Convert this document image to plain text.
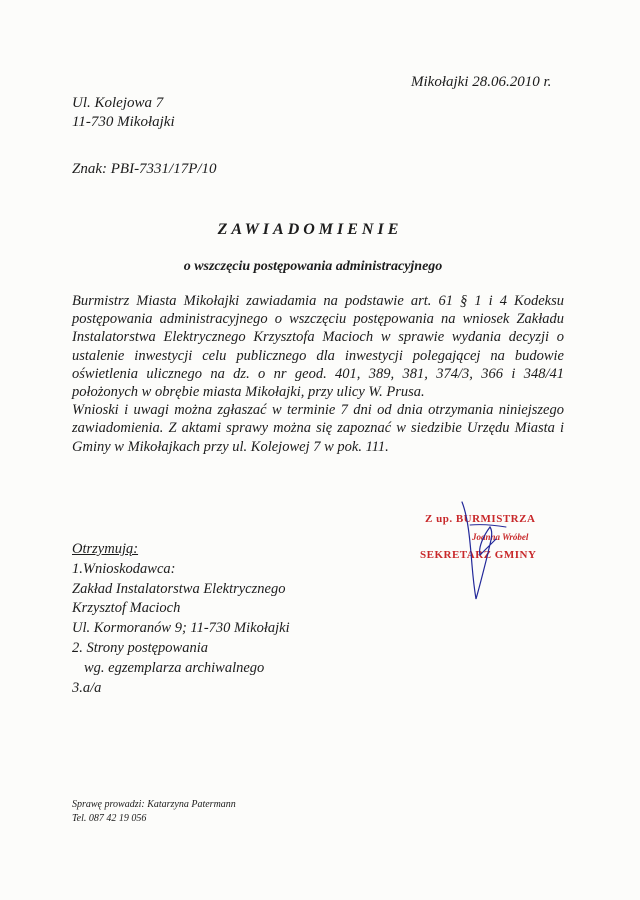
Mikołajki 28.06.2010 r.
Ul. Kolejowa 7
11-730 Mikołajki
Znak: PBI-7331/17P/10
ZAWIADOMIENIE
o wszczęciu postępowania administracyjnego

Burmistrz Miasta Mikołajki zawiadamia na podstawie art. 61 § 1 i 4 Kodeksu postępowania administracyjnego o wszczęciu postępowania na wniosek Zakładu Instalatorstwa Elektrycznego Krzysztofa Macioch w sprawie wydania decyzji o ustalenie inwestycji celu publicznego dla inwestycji polegającej na budowie oświetlenia ulicznego na dz. o nr geod. 401, 389, 381, 374/3, 366 i 348/41 położonych w obrębie miasta Mikołajki, przy ulicy W. Prusa.

Wnioski i uwagi można zgłaszać w terminie 7 dni od dnia otrzymania niniejszego zawiadomienia. Z aktami sprawy można się zapoznać w siedzibie Urzędu Miasta i Gminy w Mikołajkach przy ul. Kolejowej 7 w pok. 111.

Z up. BURMISTRZA
Joanna Wróbel
SEKRETARZ GMINY
Otrzymują:
1.Wnioskodawca:
Zakład Instalatorstwa Elektrycznego
Krzysztof Macioch
Ul. Kormoranów 9; 11-730 Mikołajki
2. Strony postępowania
wg. egzemplarza archiwalnego
3.a/a
Sprawę prowadzi: Katarzyna Patermann
Tel. 087 42 19 056
